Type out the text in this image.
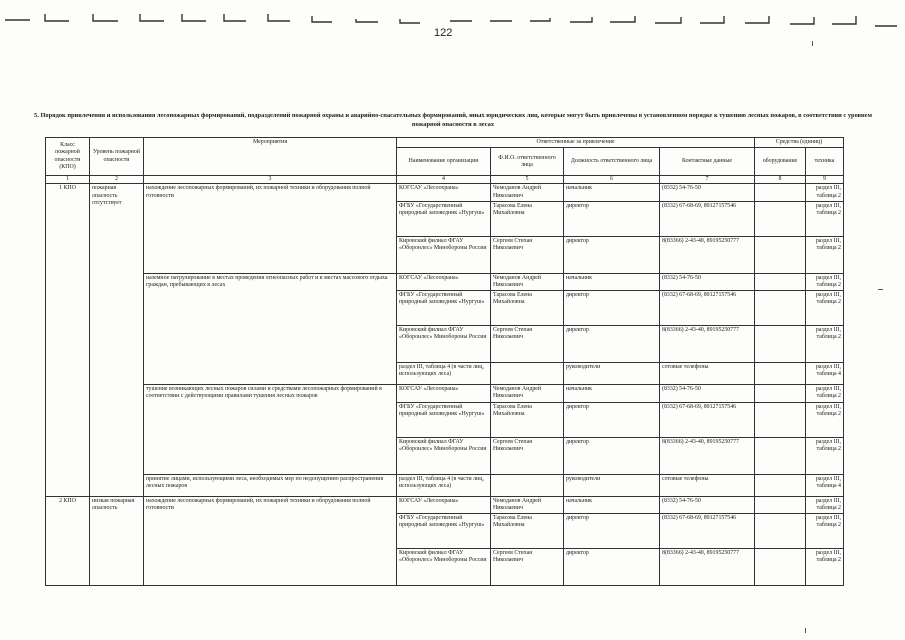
122
5. Порядок привлечения и использования лесопожарных формирований, подразделений пожарной охраны и аварийно-спасательных формирований, иных юридических лиц, которые могут быть привлечены в установленном порядке к тушению лесных пожаров, в соответствии с уровнем пожарной опасности в лесах
Класс пожарной опасности (КПО)	Уровень пожарной опасности	Мероприятия	Ответственные за привлечение				Средства (единиц)	
			Наименование организации	Ф.И.О. ответственного лица	Должность ответственного лица	Контактные данные	оборудование	техника
1	2	3	4	5	6	7	8	9
1 КПО	пожарная опасность отсутствует	нахождение лесопожарных формирований, их пожарной техники и оборудования полной готовности	КОГСАУ «Лесоохрана»	Чемоданов Андрей Николаевич	начальник	(8332) 54-76-50		раздел III, таблица 2
			ФГБУ «Государственный природный заповедник «Нургуш»	Тарасова Елена Михайловна	директор	(8332) 67-68-69, 89127157546		раздел III, таблица 2
			Кировский филиал ФГАУ «Оборонлес» Минобороны России	Сергеев Степан Николаевич	директор	8(83366) 2-43-40, 89195250777		раздел III, таблица 2
		наземное патрулирование в местах проведения огнеопасных работ и в местах массового отдыха граждан, пребывающих в лесах	КОГСАУ «Лесоохрана»	Чемоданов Андрей Николаевич	начальник	(8332) 54-76-50		раздел III, таблица 2
			ФГБУ «Государственный природный заповедник «Нургуш»	Тарасова Елена Михайловна	директор	(8332) 67-68-69, 89127157546		раздел III, таблица 2
			Кировский филиал ФГАУ «Оборонлес» Минобороны России	Сергеев Степан Николаевич	директор	8(83366) 2-43-40, 89195250777		раздел III, таблица 2
			раздел III, таблица 4 (в части лиц, использующих леса)		руководители	сотовые телефоны		раздел III, таблица 4
		тушение возникающих лесных пожаров силами и средствами лесопожарных формирований в соответствии с действующими правилами тушения лесных пожаров	КОГСАУ «Лесоохрана»	Чемоданов Андрей Николаевич	начальник	(8332) 54-76-50		раздел III, таблица 2
			ФГБУ «Государственный природный заповедник «Нургуш»	Тарасова Елена Михайловна	директор	(8332) 67-68-69, 89127157546		раздел III, таблица 2
			Кировский филиал ФГАУ «Оборонлес» Минобороны России	Сергеев Степан Николаевич	директор	8(83366) 2-43-40, 89195250777		раздел III, таблица 2
		принятие лицами, использующими леса, необходимых мер по недопущению распространения лесных пожаров	раздел III, таблица 4 (в части лиц, использующих леса)		руководители	сотовые телефоны		раздел III, таблица 4
2 КПО	низкая пожарная опасность	нахождение лесопожарных формирований, их пожарной техники и оборудования полной готовности	КОГСАУ «Лесоохрана»	Чемоданов Андрей Николаевич	начальник	(8332) 54-76-50		раздел III, таблица 2
			ФГБУ «Государственный природный заповедник «Нургуш»	Тарасова Елена Михайловна	директор	(8332) 67-68-69, 89127157546		раздел III, таблица 2
			Кировский филиал ФГАУ «Оборонлес» Минобороны России	Сергеев Степан Николаевич	директор	8(83366) 2-43-40, 89195250777		раздел III, таблица 2
